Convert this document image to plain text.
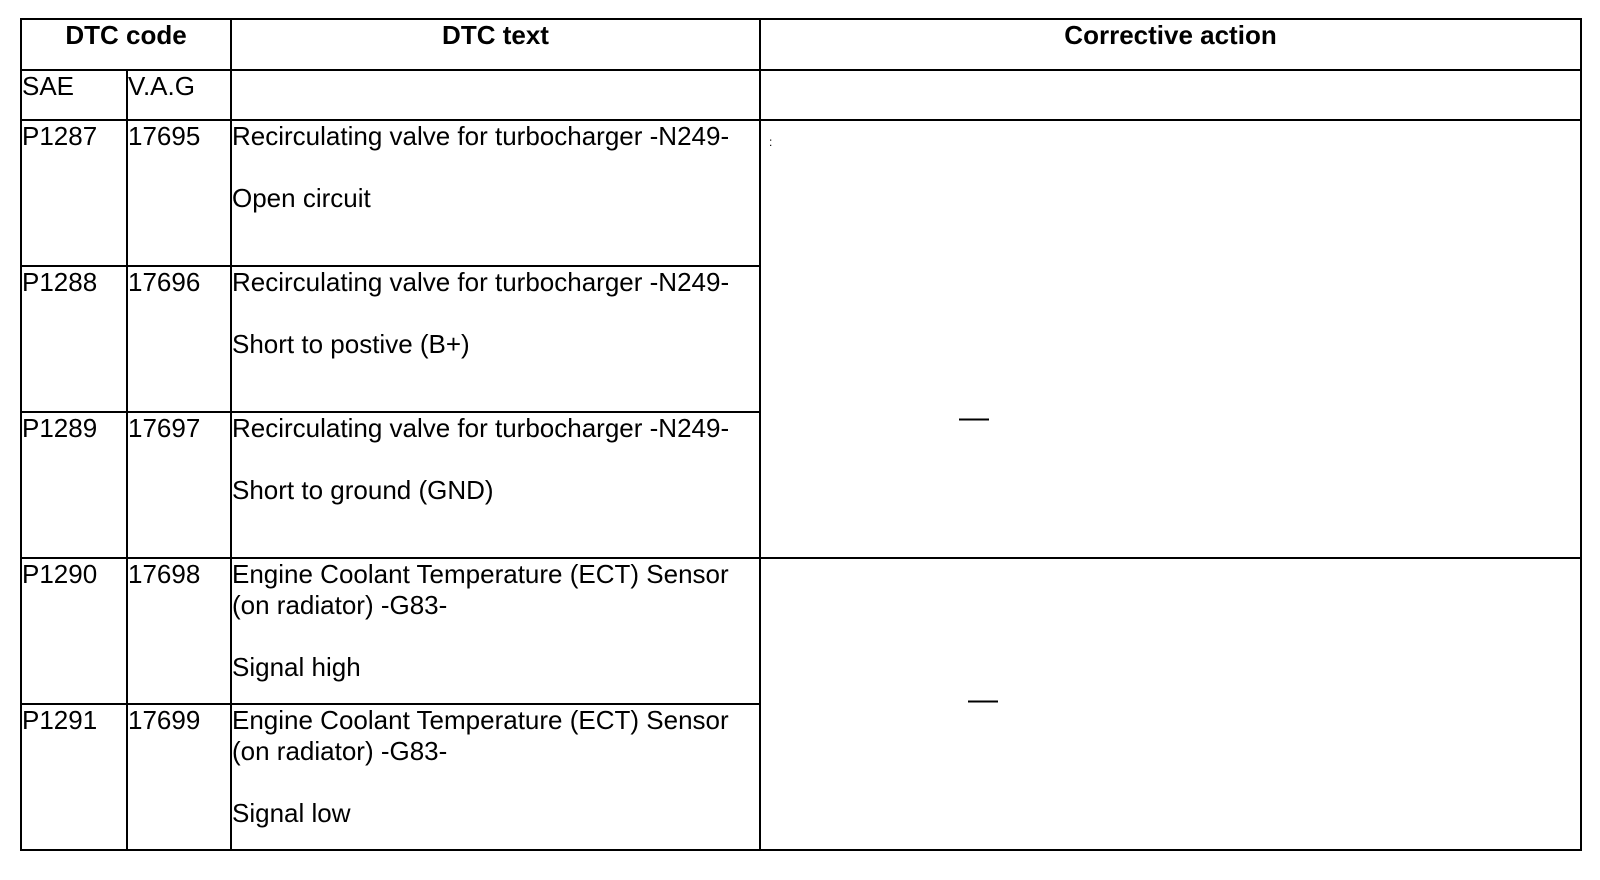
DTC code		DTC text	Corrective action
SAE	V.A.G		
P1287	17695	Recirculating valve for turbocharger -N249-
Open circuit	:
—

P1288	17696	Recirculating valve for turbocharger -N249-
Short to postive (B+)	

P1289	17697	Recirculating valve for turbocharger -N249-
Short to ground (GND)	

P1290	17698	Engine Coolant Temperature (ECT) Sensor (on radiator) -G83-
Signal high	—

P1291	17699	Engine Coolant Temperature (ECT) Sensor (on radiator) -G83-
Signal low	
